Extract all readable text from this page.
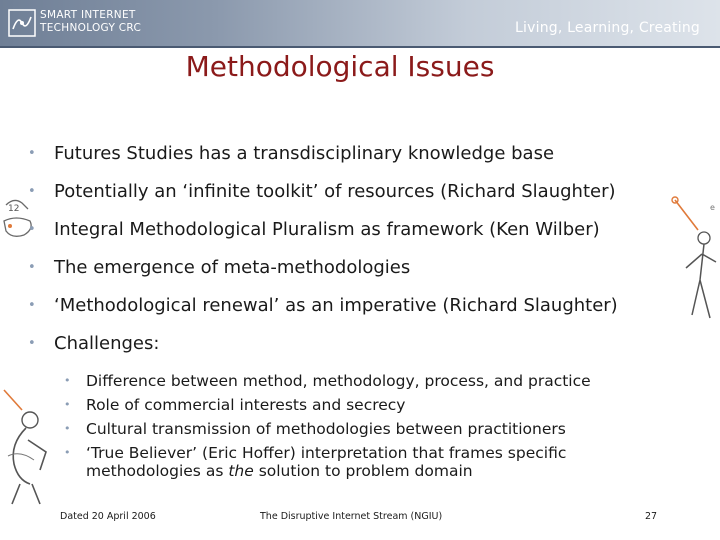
SMART INTERNET
TECHNOLOGY CRC	Living, Learning, Creating
Methodological Issues
12	e
• Futures Studies has a transdisciplinary knowledge base
• Potentially an ‘infinite toolkit’ of resources (Richard Slaughter)
• Integral Methodological Pluralism as framework (Ken Wilber)
• The emergence of meta-methodologies
• ‘Methodological renewal’ as an imperative (Richard Slaughter)
• Challenges:
• Difference between method, methodology, process, and practice
• Role of commercial interests and secrecy
• Cultural transmission of methodologies between practitioners
• ‘True Believer’ (Eric Hoffer) interpretation that frames specific methodologies as the solution to problem domain
Dated 20 April 2006	The Disruptive Internet Stream (NGIU)	27
